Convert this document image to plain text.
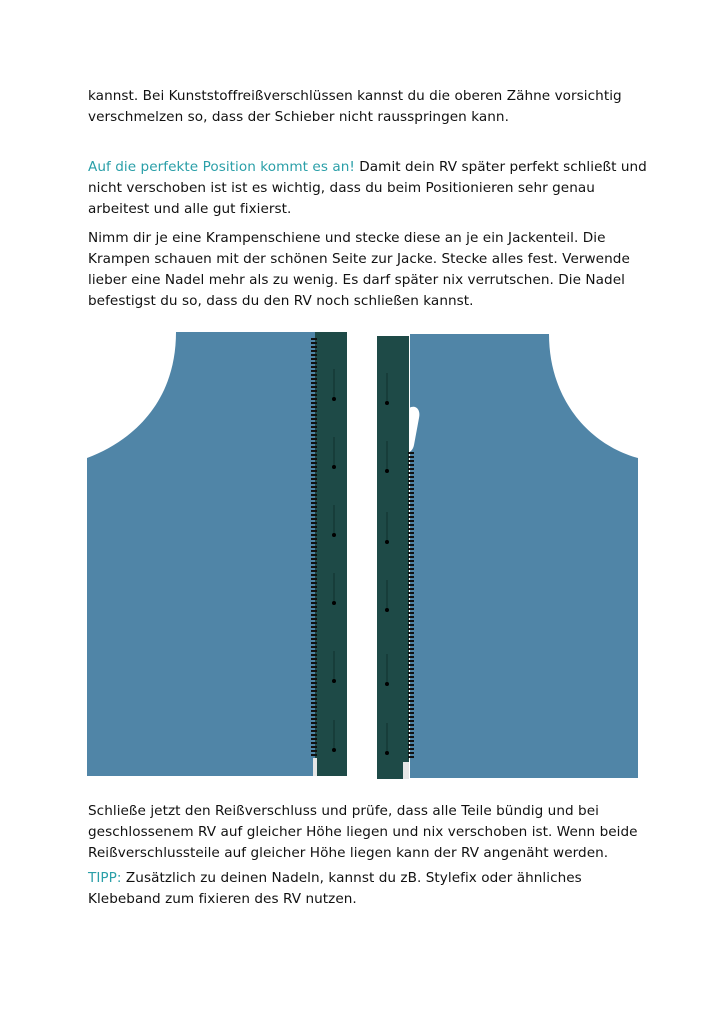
kannst. Bei Kunststoffreißverschlüssen kannst du die oberen Zähne vorsichtig verschmelzen so, dass der Schieber nicht rausspringen kann.

Auf die perfekte Position kommt es an! Damit dein RV später perfekt schließt und nicht verschoben ist ist es wichtig, dass du beim Positionieren sehr genau arbeitest und alle gut fixierst.

Nimm dir je eine Krampenschiene und stecke diese an je ein Jackenteil. Die Krampen schauen mit der schönen Seite zur Jacke. Stecke alles fest. Verwende lieber eine Nadel mehr als zu wenig. Es darf später nix verrutschen. Die Nadel befestigst du so, dass du den RV noch schließen kannst.

Schließe jetzt den Reißverschluss und prüfe, dass alle Teile bündig und bei geschlossenem RV auf gleicher Höhe liegen und nix verschoben ist. Wenn beide Reißverschlussteile auf gleicher Höhe liegen kann der RV angenäht werden.

TIPP: Zusätzlich zu deinen Nadeln, kannst du zB. Stylefix oder ähnliches Klebeband zum fixieren des RV nutzen.
